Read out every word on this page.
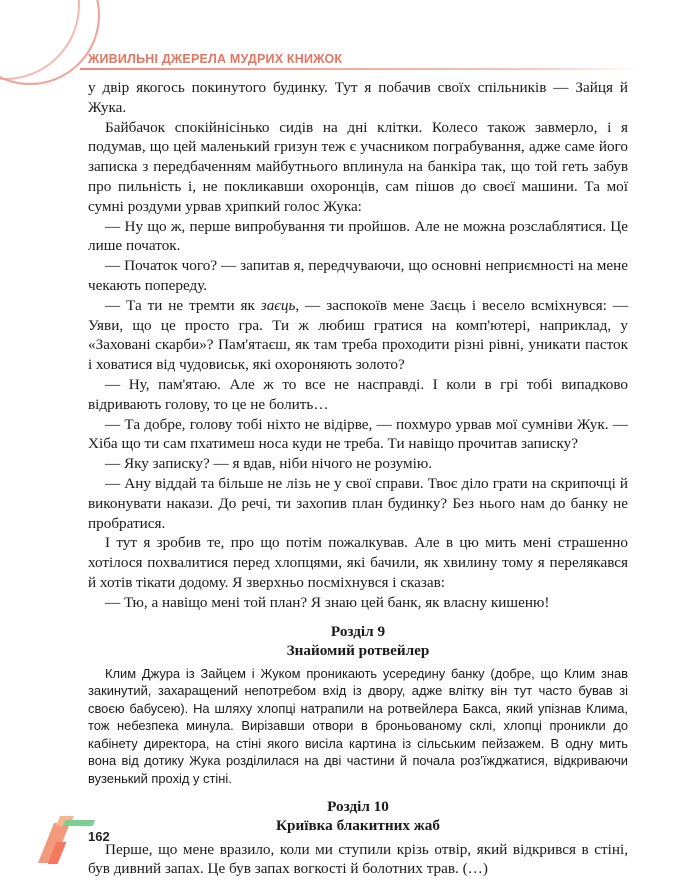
ЖИВИЛЬНІ ДЖЕРЕЛА МУДРИХ КНИЖОК

у двір якогось покинутого будинку. Тут я побачив своїх спільників — Зайця й Жука.

Байбачок спокійнісінько сидів на дні клітки. Колесо також завмерло, і я подумав, що цей маленький гризун теж є учасником пограбування, адже саме його записка з передбаченням майбутнього вплинула на банкіра так, що той геть забув про пильність і, не покликавши охоронців, сам пішов до своєї машини. Та мої сумні роздуми урвав хрипкий голос Жука:

— Ну що ж, перше випробування ти пройшов. Але не можна розслаблятися. Це лише початок.

— Початок чого? — запитав я, передчуваючи, що основні неприємності на мене чекають попереду.

— Та ти не тремти як заєць, — заспокоїв мене Заєць і весело всміхнувся: — Уяви, що це просто гра. Ти ж любиш гратися на комп'ютері, наприклад, у «Захованi скарби»? Пам'ятаєш, як там треба проходити різні рівні, уникати пасток і ховатися від чудовиськ, які охороняють золото?

— Ну, пам'ятаю. Але ж то все не насправді. І коли в грі тобі випадково відривають голову, то це не болить…

— Та добре, голову тобі ніхто не відірве, — похмуро урвав мої сумніви Жук. — Хіба що ти сам пхатимеш носа куди не треба. Ти навіщо прочитав записку?

— Яку записку? — я вдав, ніби нічого не розумію.

— Ану віддай та більше не лізь не у свої справи. Твоє діло грати на скрипочці й виконувати накази. До речі, ти захопив план будинку? Без нього нам до банку не пробратися.

І тут я зробив те, про що потім пожалкував. Але в цю мить мені страшенно хотілося похвалитися перед хлопцями, які бачили, як хвилину тому я перелякався й хотів тікати додому. Я зверхньо посміхнувся і сказав:

— Тю, а навіщо мені той план? Я знаю цей банк, як власну кишеню!

Розділ 9
Знайомий ротвейлер

Клим Джура із Зайцем і Жуком проникають усередину банку (добре, що Клим знав закинутий, захаращений непотребом вхід із двору, адже влітку він тут часто бував зі своєю бабусею). На шляху хлопці натрапили на ротвейлера Бакса, який упізнав Клима, тож небезпека минула. Вирізавши отвори в броньованому склі, хлопці проникли до кабінету директора, на стіні якого висіла картина із сільським пейзажем. В одну мить вона від дотику Жука розділилася на дві частини й почала роз'їжджатися, відкриваючи вузенький прохід у стіні.

Розділ 10
Криївка блакитних жаб

Перше, що мене вразило, коли ми ступили крізь отвір, який відкрився в стіні, був дивний запах. Це був запах вогкості й болотних трав. (…)

162
